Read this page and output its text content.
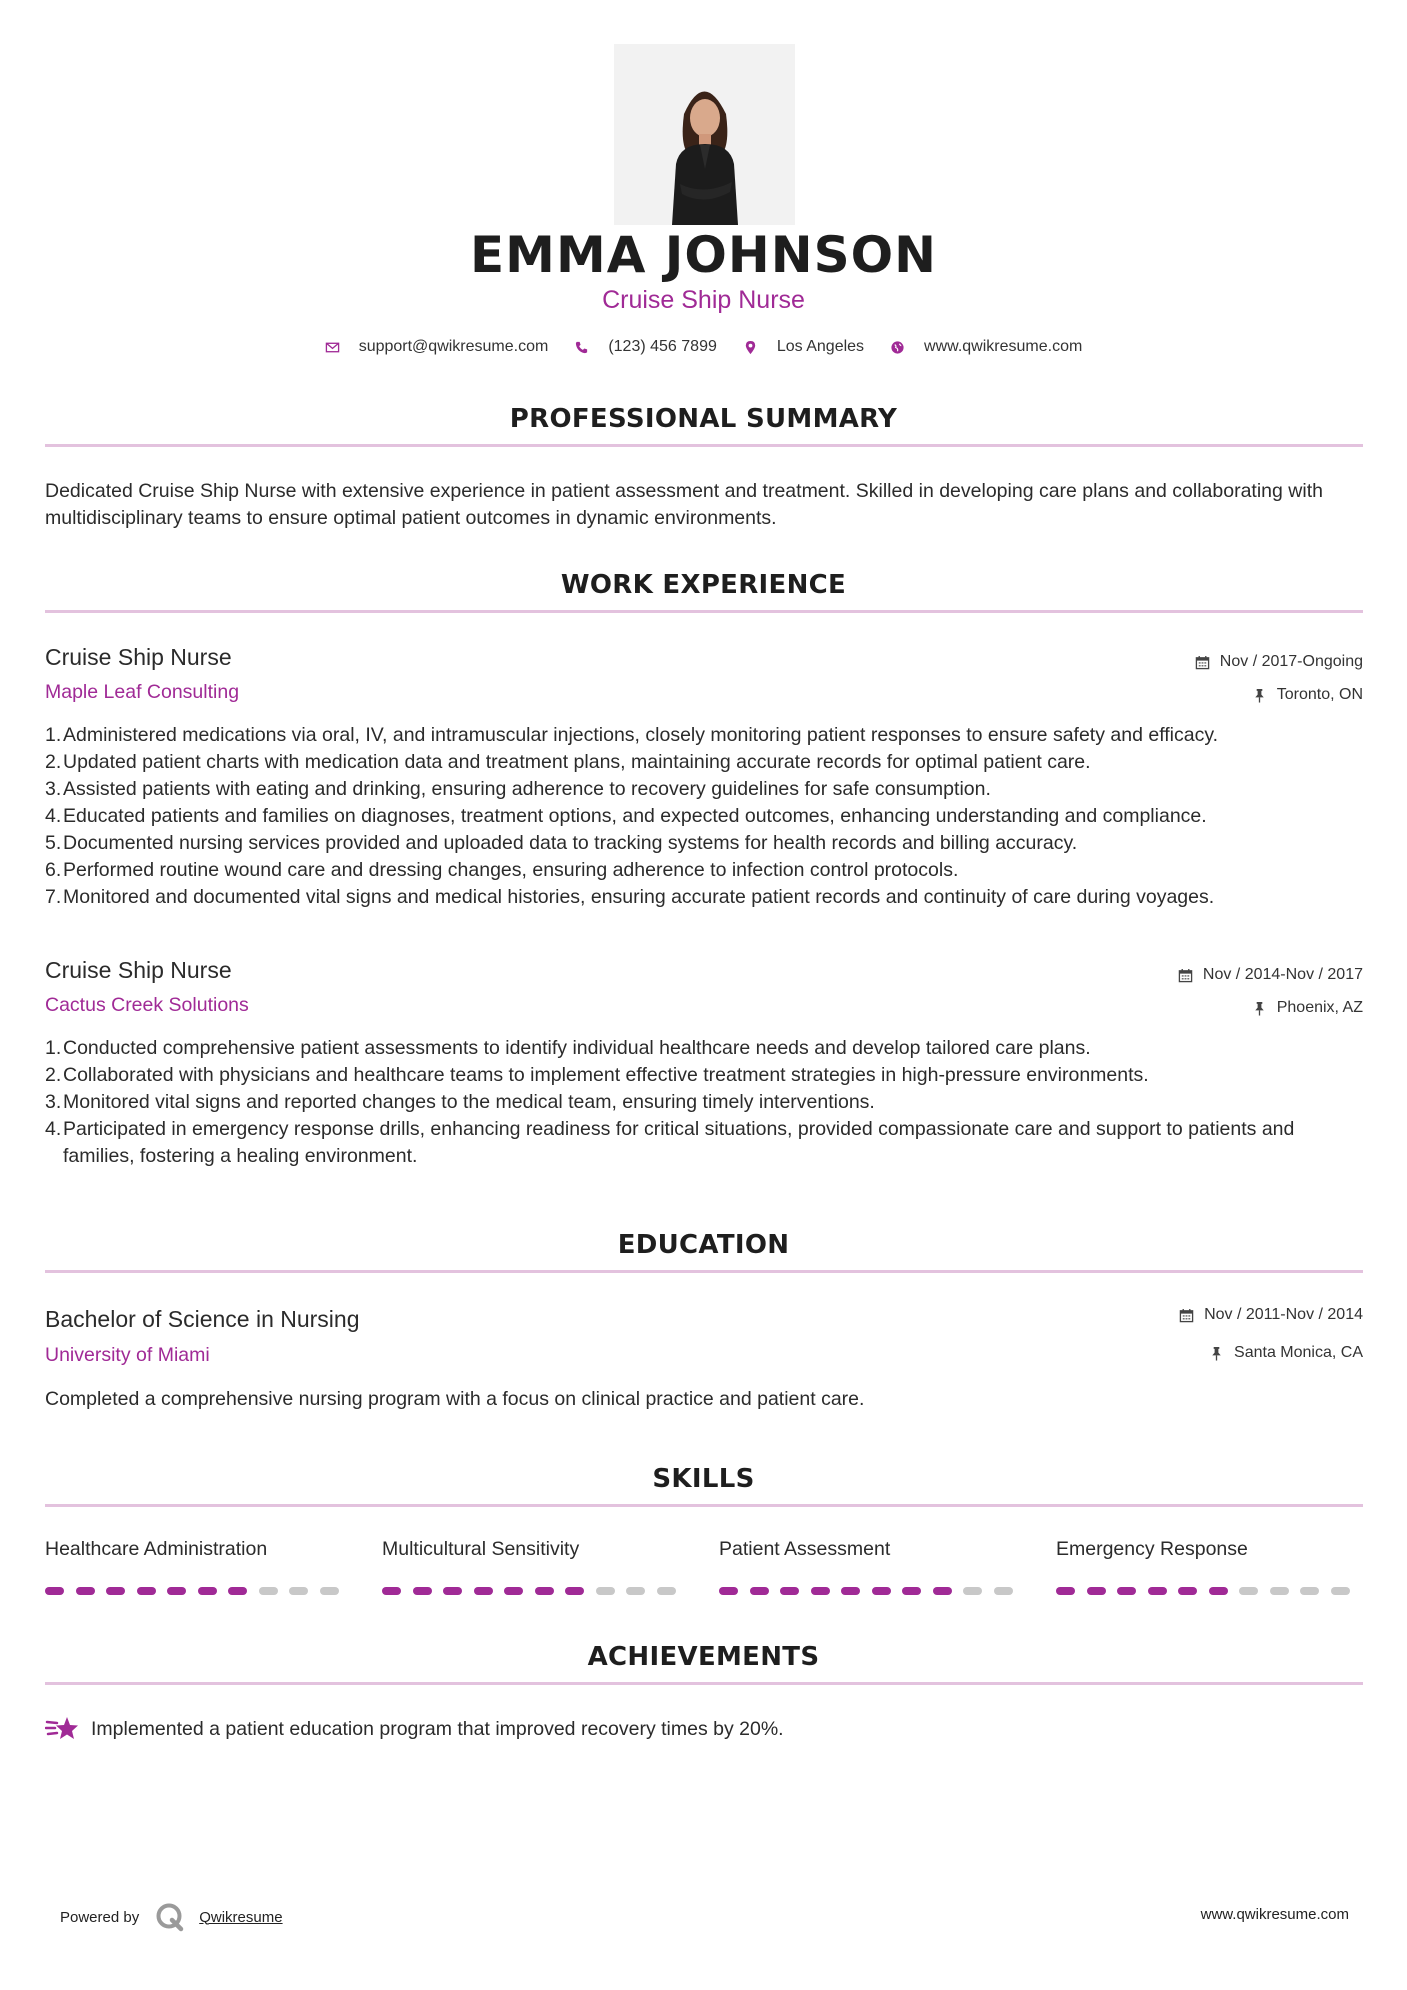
EMMA JOHNSON
Cruise Ship Nurse
support@qwikresume.com	(123) 456 7899	Los Angeles	www.qwikresume.com
PROFESSIONAL SUMMARY
Dedicated Cruise Ship Nurse with extensive experience in patient assessment and treatment. Skilled in developing care plans and collaborating with multidisciplinary teams to ensure optimal patient outcomes in dynamic environments.
WORK EXPERIENCE
Cruise Ship Nurse
Maple Leaf Consulting
Nov / 2017-Ongoing
Toronto, ON
Administered medications via oral, IV, and intramuscular injections, closely monitoring patient responses to ensure safety and efficacy.
Updated patient charts with medication data and treatment plans, maintaining accurate records for optimal patient care.
Assisted patients with eating and drinking, ensuring adherence to recovery guidelines for safe consumption.
Educated patients and families on diagnoses, treatment options, and expected outcomes, enhancing understanding and compliance.
Documented nursing services provided and uploaded data to tracking systems for health records and billing accuracy.
Performed routine wound care and dressing changes, ensuring adherence to infection control protocols.
Monitored and documented vital signs and medical histories, ensuring accurate patient records and continuity of care during voyages.
Cruise Ship Nurse
Cactus Creek Solutions
Nov / 2014-Nov / 2017
Phoenix, AZ
Conducted comprehensive patient assessments to identify individual healthcare needs and develop tailored care plans.
Collaborated with physicians and healthcare teams to implement effective treatment strategies in high-pressure environments.
Monitored vital signs and reported changes to the medical team, ensuring timely interventions.
Participated in emergency response drills, enhancing readiness for critical situations, provided compassionate care and support to patients and families, fostering a healing environment.
EDUCATION
Bachelor of Science in Nursing
University of Miami
Nov / 2011-Nov / 2014
Santa Monica, CA
Completed a comprehensive nursing program with a focus on clinical practice and patient care.
SKILLS
Healthcare Administration	Multicultural Sensitivity	Patient Assessment	Emergency Response
ACHIEVEMENTS
Implemented a patient education program that improved recovery times by 20%.
Powered by	Qwikresume	www.qwikresume.com
